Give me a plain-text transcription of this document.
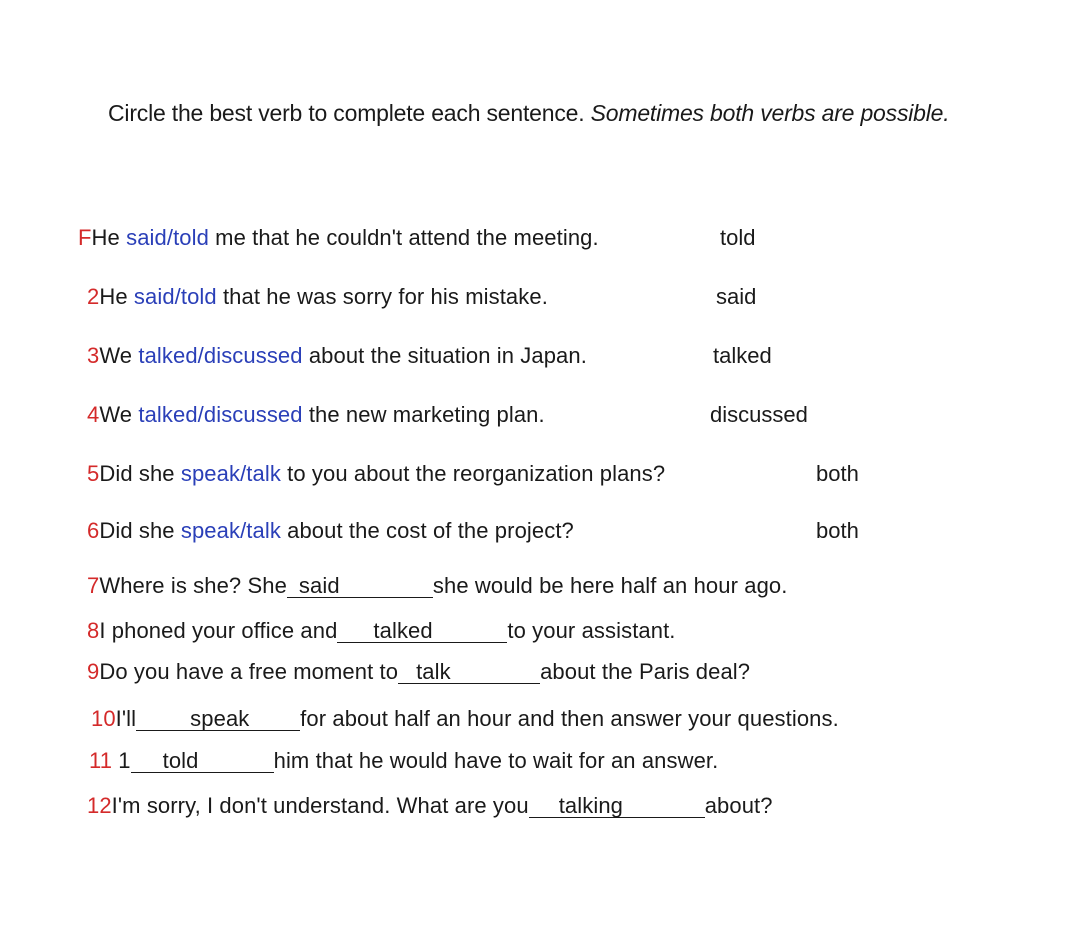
Circle the best verb to complete each sentence. Sometimes both verbs are possible.
FHe said/told me that he couldn't attend the meeting.	told
2He said/told that he was sorry for his mistake.	said
3We talked/discussed about the situation in Japan.	talked
4We talked/discussed the new marketing plan.	discussed
5Did she speak/talk to you about the reorganization plans?	both
6Did she speak/talk about the cost of the project?	both
7Where is she? She said	she would be here half an hour ago.
8I phoned your office and talked	to your assistant.
9Do you have a free moment to talk	about the Paris deal?
10I'll speak for about half an hour and then answer your questions.
11 1 told	him that he would have to wait for an answer.
12I'm sorry, I don't understand. What are you talking	about?
